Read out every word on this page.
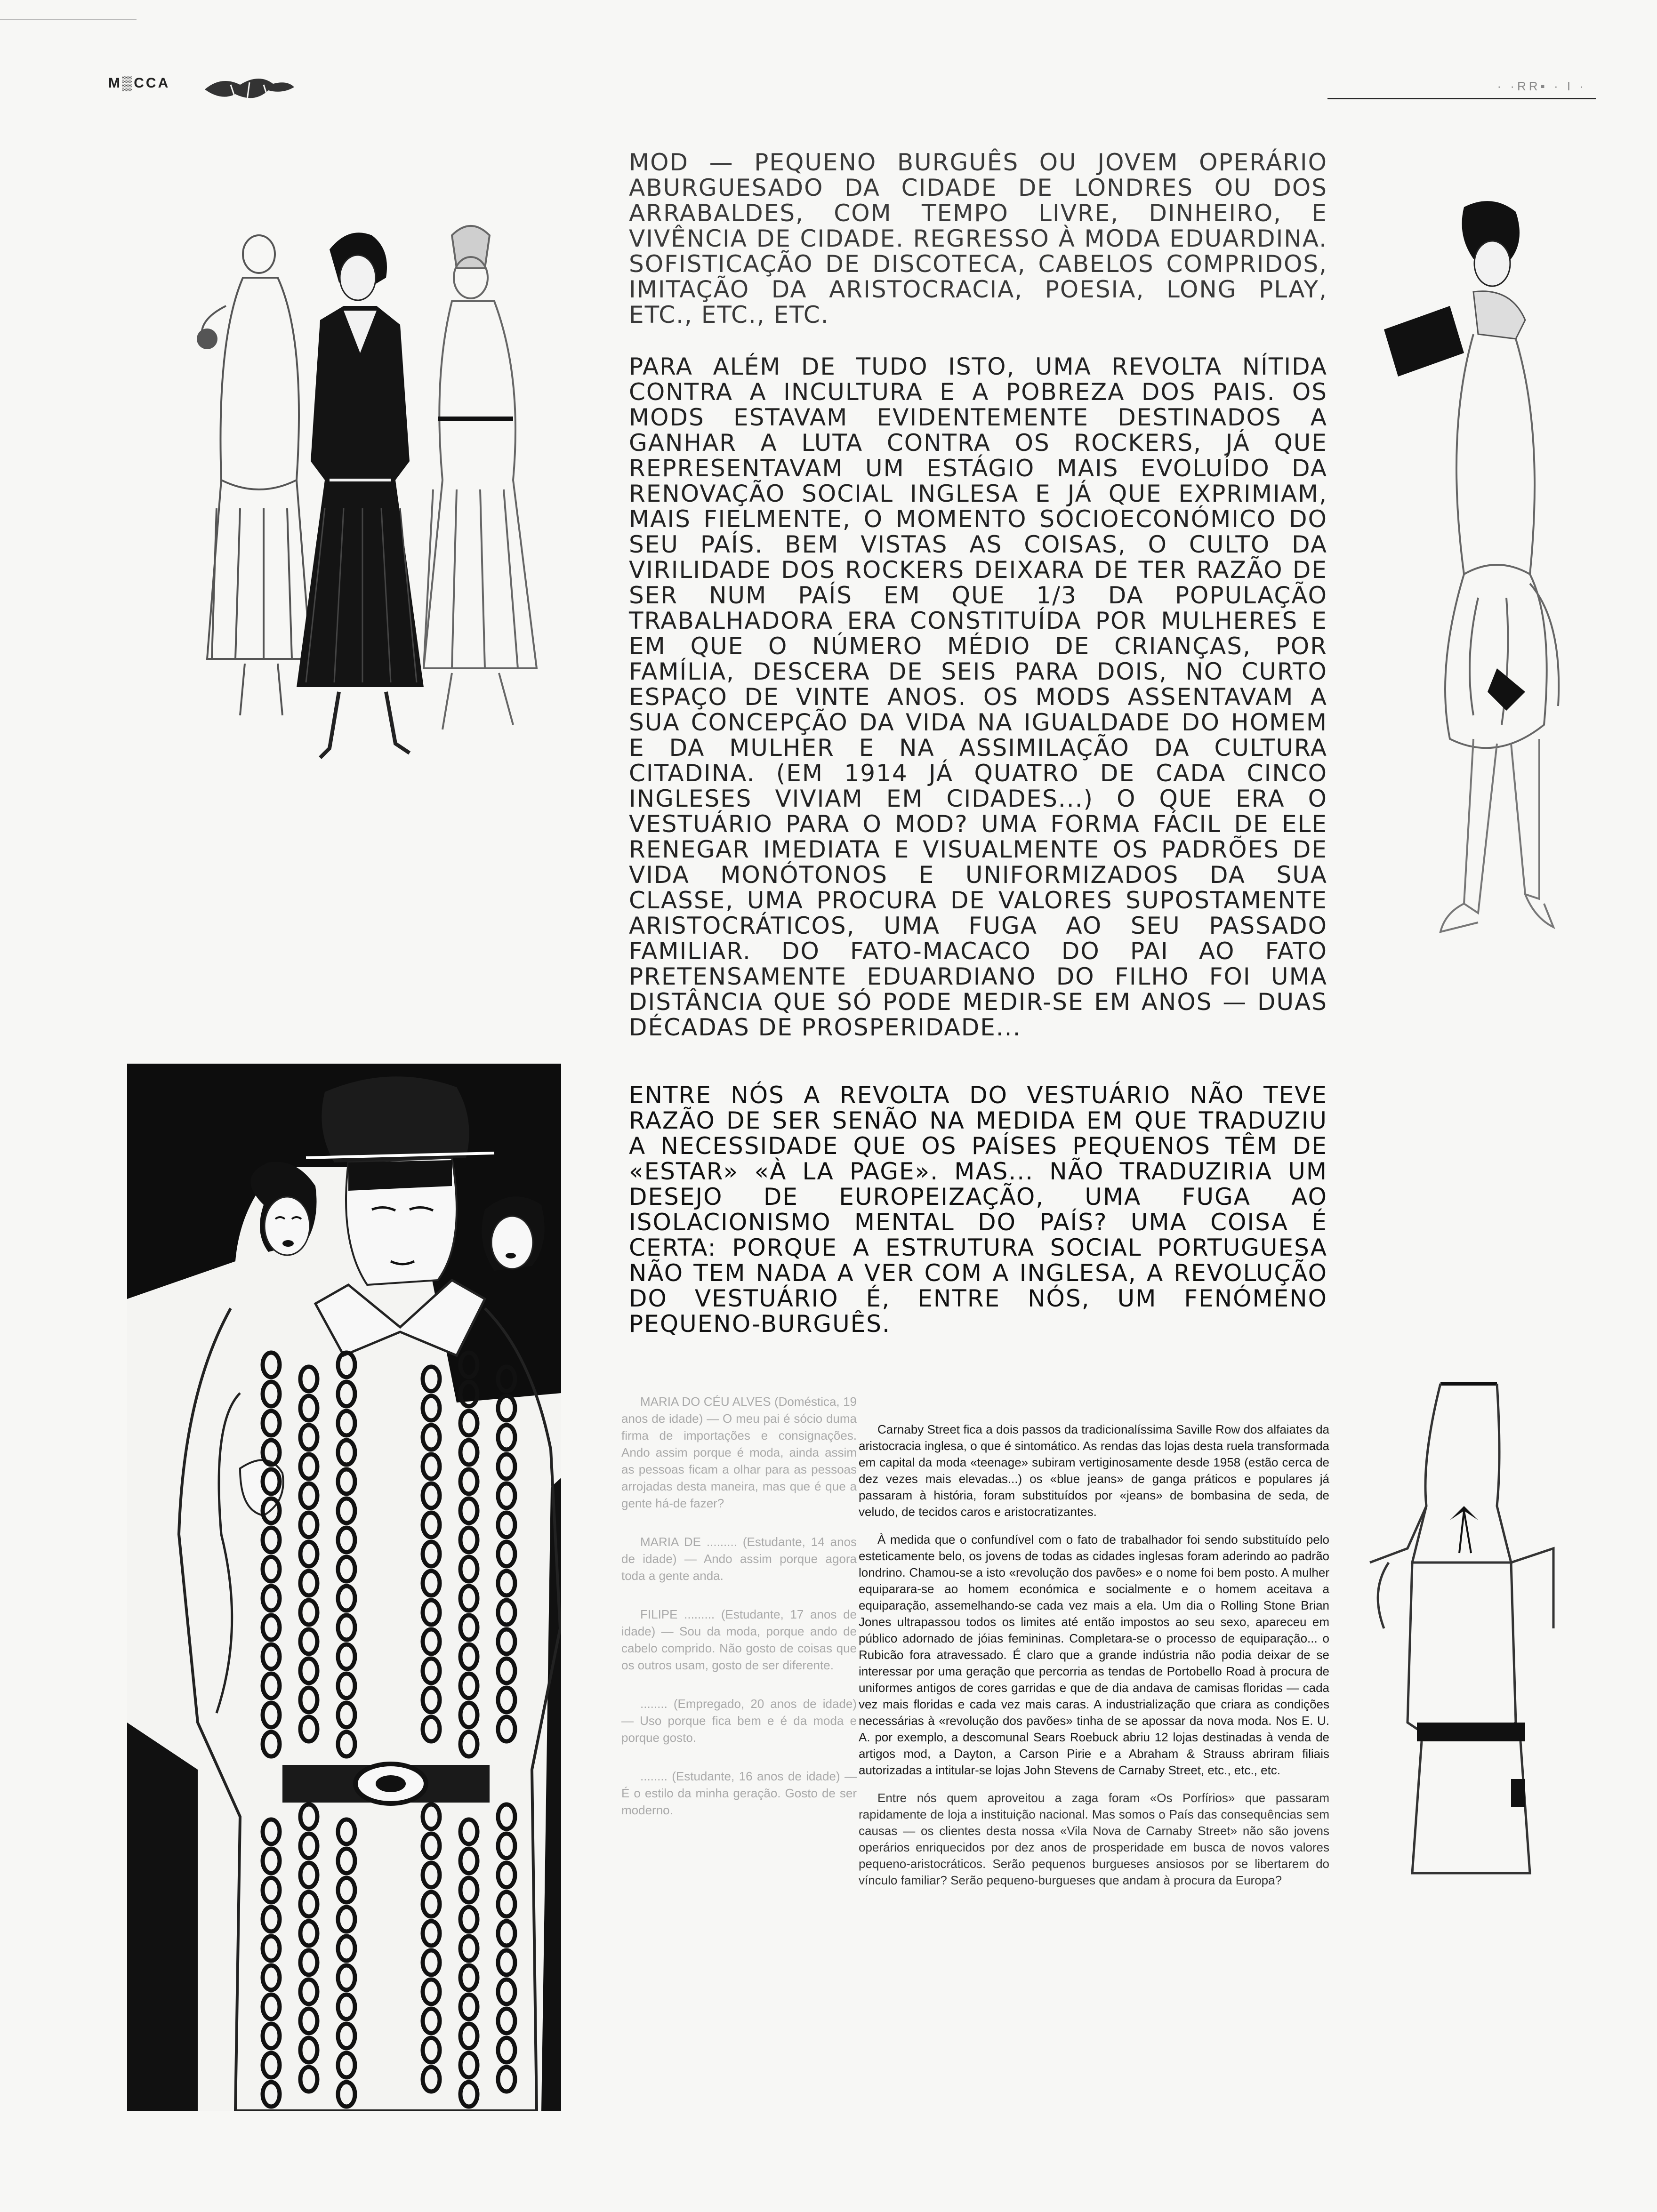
M▒CCA	· ·RR▪ · I ·

MOD — PEQUENO BURGUÊS OU JOVEM OPERÁRIO ABURGUESADO DA CIDADE DE LONDRES OU DOS ARRABALDES, COM TEMPO LIVRE, DINHEIRO, E VIVÊNCIA DE CIDADE. REGRESSO À MODA EDUARDINA. SOFISTICAÇÃO DE DISCOTECA, CABELOS COMPRIDOS, IMITAÇÃO DA ARISTOCRACIA, POESIA, LONG PLAY, ETC., ETC., ETC.

PARA ALÉM DE TUDO ISTO, UMA REVOLTA NÍTIDA CONTRA A INCULTURA E A POBREZA DOS PAIS. OS MODS ESTAVAM EVIDENTEMENTE DESTINADOS A GANHAR A LUTA CONTRA OS ROCKERS, JÁ QUE REPRESENTAVAM UM ESTÁGIO MAIS EVOLUÍDO DA RENOVAÇÃO SOCIAL INGLESA E JÁ QUE EXPRIMIAM, MAIS FIELMENTE, O MOMENTO SOCIOECONÓMICO DO SEU PAÍS. BEM VISTAS AS COISAS, O CULTO DA VIRILIDADE DOS ROCKERS DEIXARA DE TER RAZÃO DE SER NUM PAÍS EM QUE 1/3 DA POPULAÇÃO TRABALHADORA ERA CONSTITUÍDA POR MULHERES E EM QUE O NÚMERO MÉDIO DE CRIANÇAS, POR FAMÍLIA, DESCERA DE SEIS PARA DOIS, NO CURTO ESPAÇO DE VINTE ANOS. OS MODS ASSENTAVAM A SUA CONCEPÇÃO DA VIDA NA IGUALDADE DO HOMEM E DA MULHER E NA ASSIMILAÇÃO DA CULTURA CITADINA. (EM 1914 JÁ QUATRO DE CADA CINCO INGLESES VIVIAM EM CIDADES...) O QUE ERA O VESTUÁRIO PARA O MOD? UMA FORMA FÁCIL DE ELE RENEGAR IMEDIATA E VISUALMENTE OS PADRÕES DE VIDA MONÓTONOS E UNIFORMIZADOS DA SUA CLASSE, UMA PROCURA DE VALORES SUPOSTAMENTE ARISTOCRÁTICOS, UMA FUGA AO SEU PASSADO FAMILIAR. DO FATO-MACACO DO PAI AO FATO PRETENSAMENTE EDUARDIANO DO FILHO FOI UMA DISTÂNCIA QUE SÓ PODE MEDIR-SE EM ANOS — DUAS DÉCADAS DE PROSPERIDADE...

ENTRE NÓS A REVOLTA DO VESTUÁRIO NÃO TEVE RAZÃO DE SER SENÃO NA MEDIDA EM QUE TRADUZIU A NECESSIDADE QUE OS PAÍSES PEQUENOS TÊM DE «ESTAR» «À LA PAGE». MAS... NÃO TRADUZIRIA UM DESEJO DE EUROPEIZAÇÃO, UMA FUGA AO ISOLACIONISMO MENTAL DO PAÍS? UMA COISA É CERTA: PORQUE A ESTRUTURA SOCIAL PORTUGUESA NÃO TEM NADA A VER COM A INGLESA, A REVOLUÇÃO DO VESTUÁRIO É, ENTRE NÓS, UM FENÓMENO PEQUENO-BURGUÊS.

MARIA DO CÉU ALVES (Doméstica, 19 anos de idade) — O meu pai é sócio duma firma de importações e consignações. Ando assim porque é moda, ainda assim as pessoas ficam a olhar para as pessoas arrojadas desta maneira, mas que é que a gente há-de fazer?

MARIA DE ......... (Estudante, 14 anos de idade) — Ando assim porque agora toda a gente anda.

FILIPE ......... (Estudante, 17 anos de idade) — Sou da moda, porque ando de cabelo comprido. Não gosto de coisas que os outros usam, gosto de ser diferente.

........ (Empregado, 20 anos de idade) — Uso porque fica bem e é da moda e porque gosto.

........ (Estudante, 16 anos de idade) — É o estilo da minha geração. Gosto de ser moderno.

Carnaby Street fica a dois passos da tradicionalíssima Saville Row dos alfaiates da aristocracia inglesa, o que é sintomático. As rendas das lojas desta ruela transformada em capital da moda «teenage» subiram vertiginosamente desde 1958 (estão cerca de dez vezes mais elevadas...) os «blue jeans» de ganga práticos e populares já passaram à história, foram substituídos por «jeans» de bombasina de seda, de veludo, de tecidos caros e aristocratizantes.

À medida que o confundível com o fato de trabalhador foi sendo substituído pelo esteticamente belo, os jovens de todas as cidades inglesas foram aderindo ao padrão londrino. Chamou-se a isto «revolução dos pavões» e o nome foi bem posto. A mulher equiparara-se ao homem económica e socialmente e o homem aceitava a equiparação, assemelhando-se cada vez mais a ela. Um dia o Rolling Stone Brian Jones ultrapassou todos os limites até então impostos ao seu sexo, apareceu em público adornado de jóias femininas. Completara-se o processo de equiparação... o Rubicão fora atravessado. É claro que a grande indústria não podia deixar de se interessar por uma geração que percorria as tendas de Portobello Road à procura de uniformes antigos de cores garridas e que de dia andava de camisas floridas — cada vez mais floridas e cada vez mais caras. A industrialização que criara as condições necessárias à «revolução dos pavões» tinha de se apossar da nova moda. Nos E. U. A. por exemplo, a descomunal Sears Roebuck abriu 12 lojas destinadas à venda de artigos mod, a Dayton, a Carson Pirie e a Abraham & Strauss abriram filiais autorizadas a intitular-se lojas John Stevens de Carnaby Street, etc., etc., etc.

Entre nós quem aproveitou a zaga foram «Os Porfírios» que passaram rapidamente de loja a instituição nacional. Mas somos o País das consequências sem causas — os clientes desta nossa «Vila Nova de Carnaby Street» não são jovens operários enriquecidos por dez anos de prosperidade em busca de novos valores pequeno-aristocráticos. Serão pequenos burgueses ansiosos por se libertarem do vínculo familiar? Serão pequeno-burgueses que andam à procura da Europa?
